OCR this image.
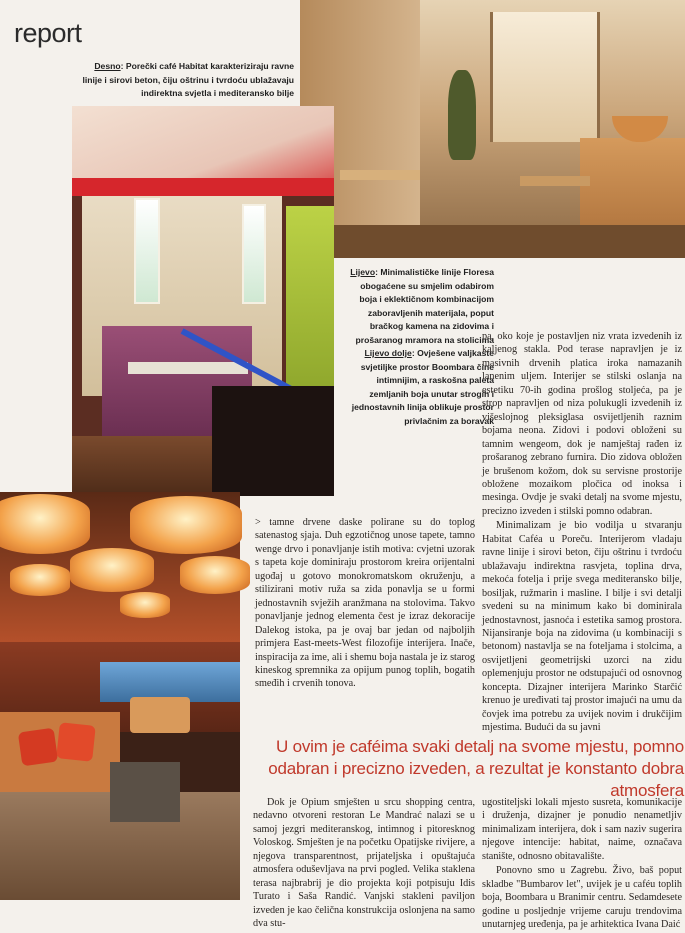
report
Desno: Porečki café Habitat karakteriziraju ravne linije i sirovi beton, čiju oštrinu i tvrdoću ublažavaju indirektna svjetla i mediteransko bilje
Lijevo: Minimalističke linije Floresa obogaćene su smjelim odabirom boja i eklektičnom kombinacijom zaboravljenih materijala, poput bračkog kamena na zidovima i prošaranog mramora na stolicima Lijevo dolje: Ovješene valjkaste svjetiljke prostor Boombara čine intimnijim, a raskošna paleta zemljanih boja unutar strogih i jednostavnih linija oblikuje prostor privlačnim za boravak

> tamne drvene daske polirane su do toplog satenastog sjaja. Duh egzotičnog unose tapete, tamno wenge drvo i ponavljanje istih motiva: cvjetni uzorak s tapeta koje dominiraju prostorom kreira orijentalni ugođaj u gotovo monokromatskom okruženju, a stilizirani motiv ruža sa zida ponavlja se u formi jednostavnih svježih aranžmana na stolovima. Takvo ponavljanje jednog elementa čest je izraz dekoracije Dalekog istoka, pa je ovaj bar jedan od najboljih primjera East-meets-West filozofije interijera. Inače, inspiracija za ime, ali i shemu boja nastala je iz starog kineskog spremnika za opijum punog toplih, bogatih smeđih i crvenih tonova.

pa, oko koje je postavljen niz vrata izvedenih iz kaljenog stakla. Pod terase napravljen je iz masivnih drvenih platica iroka namazanih lanenim uljem. Interijer se stilski oslanja na estetiku 70-ih godina prošlog stoljeća, pa je strop napravljen od niza polukugli izvedenih iz višeslojnog pleksiglasa osvijetljenih raznim bojama neona. Zidovi i podovi obloženi su tamnim wengeom, dok je namještaj rađen iz prošaranog zebrano furnira. Dio zidova obložen je brušenom kožom, dok su servisne prostorije obložene mozaikom pločica od inoksa i mesinga. Ovdje je svaki detalj na svome mjestu, precizno izveden i stilski pomno odabran.

Minimalizam je bio vodilja u stvaranju Habitat Caféa u Poreču. Interijerom vladaju ravne linije i sirovi beton, čiju oštrinu i tvrdoću ublažavaju indirektna rasvjeta, toplina drva, mekoća fotelja i prije svega mediteransko bilje, bosiljak, ružmarin i masline. I bilje i svi detalji svedeni su na minimum kako bi dominirala jednostavnost, jasnoća i estetika samog prostora. Nijansiranje boja na zidovima (u kombinaciji s betonom) nastavlja se na foteljama i stolcima, a osvijetljeni geometrijski uzorci na zidu oplemenjuju prostor ne odstupajući od osnovnog koncepta. Dizajner interijera Marinko Starčić krenuo je uređivati taj prostor imajući na umu da čovjek ima potrebu za uvijek novim i drukčijim mjestima. Budući da su javni

U ovim je caféima svaki detalj na svome mjestu, pomno odabran i precizno izveden, a rezultat je konstanto dobra atmosfera

Dok je Opium smješten u srcu shopping centra, nedavno otvoreni restoran Le Mandrać nalazi se u samoj jezgri mediteranskog, intimnog i pitoresknog Voloskog. Smješten je na početku Opatijske rivijere, a njegova transparentnost, prijateljska i opuštajuća atmosfera oduševljava na prvi pogled. Velika staklena terasa najbrabrij je dio projekta koji potpisuju Idis Turato i Saša Randić. Vanjski stakleni paviljon izveden je kao čelična konstrukcija oslonjena na samo dva stu-

ugostiteljski lokali mjesto susreta, komunikacije i druženja, dizajner je ponudio nenametljiv minimalizam interijera, dok i sam naziv sugerira njegove intencije: habitat, naime, označava stanište, odnosno obitavalište.

Ponovno smo u Zagrebu. Živo, baš poput skladbe "Bumbarov let", uvijek je u caféu toplih boja, Boombara u Branimir centru. Sedamdesete godine u posljednje vrijeme caruju trendovima unutarnjeg uređenja, pa je arhitektica Ivana Daić
